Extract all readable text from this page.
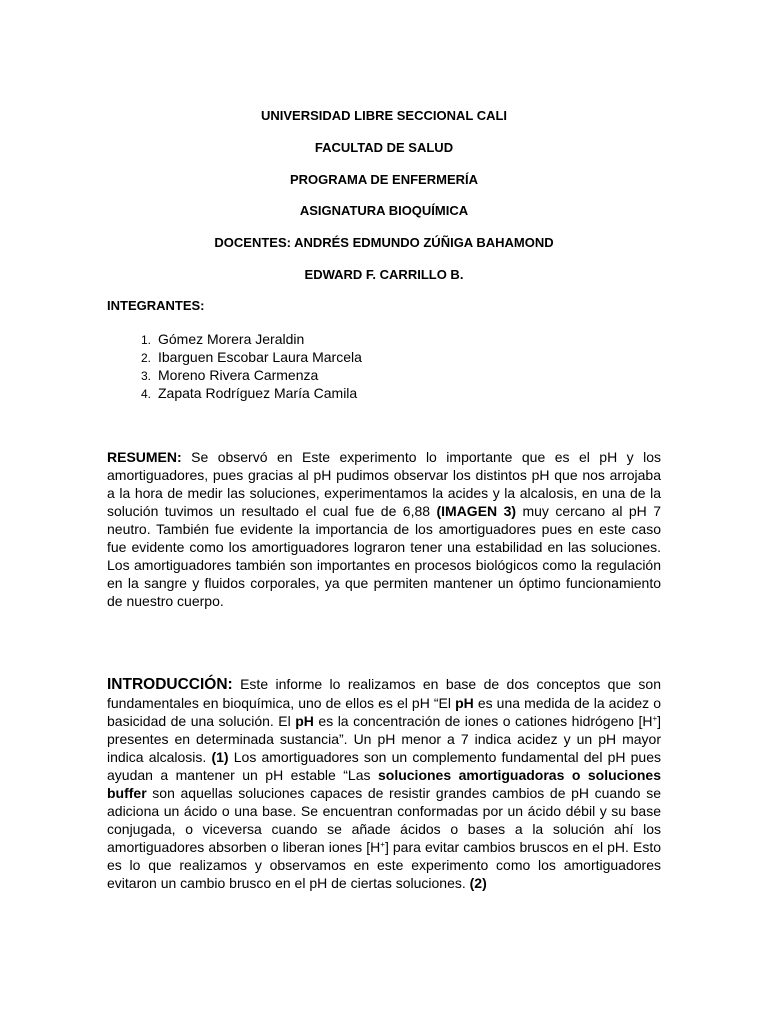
UNIVERSIDAD LIBRE SECCIONAL CALI
FACULTAD DE SALUD
PROGRAMA DE ENFERMERÍA
ASIGNATURA BIOQUÍMICA
DOCENTES: ANDRÉS EDMUNDO ZÚÑIGA BAHAMOND
EDWARD F. CARRILLO B.
INTEGRANTES:
1. Gómez Morera Jeraldin
2. Ibarguen Escobar Laura Marcela
3. Moreno Rivera Carmenza
4. Zapata Rodríguez María Camila

RESUMEN: Se observó en Este experimento lo importante que es el pH y los amortiguadores, pues gracias al pH pudimos observar los distintos pH que nos arrojaba a la hora de medir las soluciones, experimentamos la acides y la alcalosis, en una de la solución tuvimos un resultado el cual fue de 6,88 (IMAGEN 3) muy cercano al pH 7 neutro. También fue evidente la importancia de los amortiguadores pues en este caso fue evidente como los amortiguadores lograron tener una estabilidad en las soluciones. Los amortiguadores también son importantes en procesos biológicos como la regulación en la sangre y fluidos corporales, ya que permiten mantener un óptimo funcionamiento de nuestro cuerpo.

INTRODUCCIÓN: Este informe lo realizamos en base de dos conceptos que son fundamentales en bioquímica, uno de ellos es el pH “El pH es una medida de la acidez o basicidad de una solución. El pH es la concentración de iones o cationes hidrógeno [H+] presentes en determinada sustancia”. Un pH menor a 7 indica acidez y un pH mayor indica alcalosis. (1) Los amortiguadores son un complemento fundamental del pH pues ayudan a mantener un pH estable “Las soluciones amortiguadoras o soluciones buffer son aquellas soluciones capaces de resistir grandes cambios de pH cuando se adiciona un ácido o una base. Se encuentran conformadas por un ácido débil y su base conjugada, o viceversa cuando se añade ácidos o bases a la solución ahí los amortiguadores absorben o liberan iones [H+] para evitar cambios bruscos en el pH. Esto es lo que realizamos y observamos en este experimento como los amortiguadores evitaron un cambio brusco en el pH de ciertas soluciones. (2)
